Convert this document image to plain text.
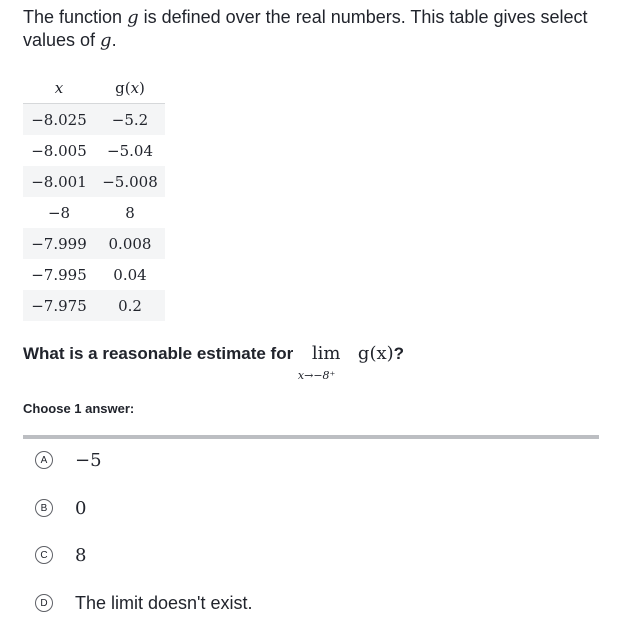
The function g is defined over the real numbers. This table gives select values of g.

x	g(x)
−8.025	−5.2
−8.005	−5.04
−8.001	−5.008
−8	8
−7.999	0.008
−7.995	0.04
−7.975	0.2

What is a reasonable estimate for lim
x→−8⁺
g(x)?

Choose 1 answer:

A	−5
B	0
C 8
D The limit doesn't exist.
